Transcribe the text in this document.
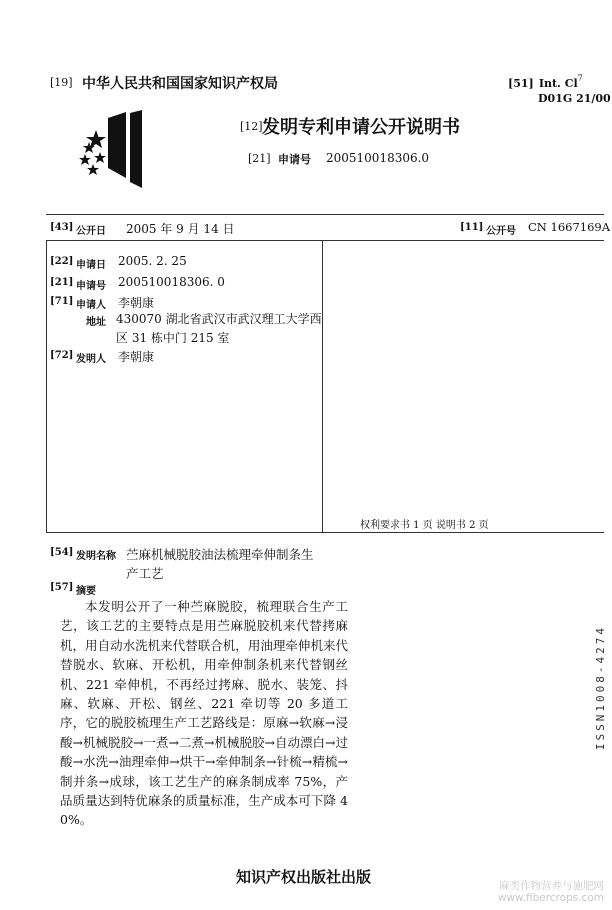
[19] 中华人民共和国国家知识产权局	[51] Int. Cl$^7$
D01G 21/00
[12] 发明专利申请公开说明书
[21] 申请号 200510018306.0
[43] 公开日 2005 年 9 月 14 日	[11] 公开号 CN 1667169A
[22] 申请日 2005. 2. 25
[21] 申请号 200510018306. 0
[71] 申请人 李朝康
地址 430070 湖北省武汉市武汉理工大学西
区 31 栋中门 215 室
[72] 发明人 李朝康
权利要求书 1 页 说明书 2 页
[54] 发明名称 苎麻机械脱胶油法梳理牵伸制条生
产工艺
[57] 摘要
本发明公开了一种苎麻脱胶，梳理联合生产工艺，该工艺的主要特点是用苎麻脱胶机来代替拷麻机，用自动水洗机来代替联合机，用油理牵伸机来代替脱水、软麻、开松机，用牵伸制条机来代替钢丝机、221 牵伸机，不再经过拷麻、脱水、装笼、抖麻、软麻、开松、钢丝、221 牵切等 20 多道工序，它的脱胶梳理生产工艺路线是：原麻→软麻→浸酸→机械脱胶→一煮→二煮→机械脱胶→自动漂白→过酸→水洗→油理牵伸→烘干→牵伸制条→针梳→精梳→制并条→成球，该工艺生产的麻条制成率 75%，产品质量达到特优麻条的质量标准，生产成本可下降 40%。
ISSN1008-4274
知识产权出版社出版	麻类作物营养与施肥网
www.fibercrops.com
